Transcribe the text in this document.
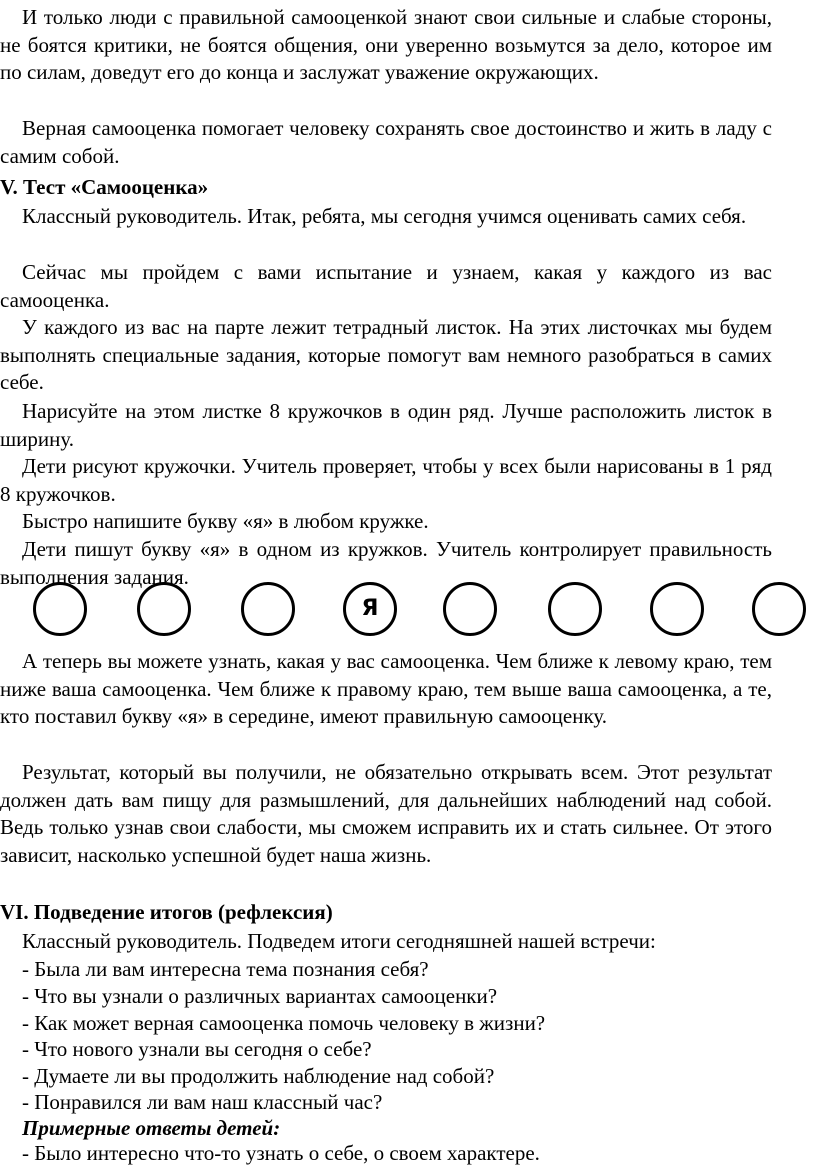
И только люди с правильной самооценкой знают свои сильные и слабые стороны, не боятся критики, не боятся общения, они уверенно возьмутся за дело, которое им по силам, доведут его до конца и заслужат уважение окружающих.

Верная самооценка помогает человеку сохранять свое достоинство и жить в ладу с самим собой.

V. Тест «Самооценка»

Классный руководитель. Итак, ребята, мы сегодня учимся оценивать самих себя.

Сейчас мы пройдем с вами испытание и узнаем, какая у каждого из вас самооценка.

У каждого из вас на парте лежит тетрадный листок. На этих листочках мы будем выполнять специальные задания, которые помогут вам немного разобраться в самих себе.

Нарисуйте на этом листке 8 кружочков в один ряд. Лучше расположить листок в ширину.

Дети рисуют кружочки. Учитель проверяет, чтобы у всех были нарисованы в 1 ряд 8 кружочков.

Быстро напишите букву «я» в любом кружке.

Дети пишут букву «я» в одном из кружков. Учитель контролирует правильность выполнения задания.

Я

А теперь вы можете узнать, какая у вас самооценка. Чем ближе к левому краю, тем ниже ваша самооценка. Чем ближе к правому краю, тем выше ваша самооценка, а те, кто поставил букву «я» в середине, имеют правильную самооценку.

Результат, который вы получили, не обязательно открывать всем. Этот результат должен дать вам пищу для размышлений, для дальнейших наблюдений над собой. Ведь только узнав свои слабости, мы сможем исправить их и стать сильнее. От этого зависит, насколько успешной будет наша жизнь.

VI. Подведение итогов (рефлексия)
Классный руководитель. Подведем итоги сегодняшней нашей встречи:
- Была ли вам интересна тема познания себя?
- Что вы узнали о различных вариантах самооценки?
- Как может верная самооценка помочь человеку в жизни?
- Что нового узнали вы сегодня о себе?
- Думаете ли вы продолжить наблюдение над собой?
- Понравился ли вам наш классный час?
Примерные ответы детей:
- Было интересно что-то узнать о себе, о своем характере.
